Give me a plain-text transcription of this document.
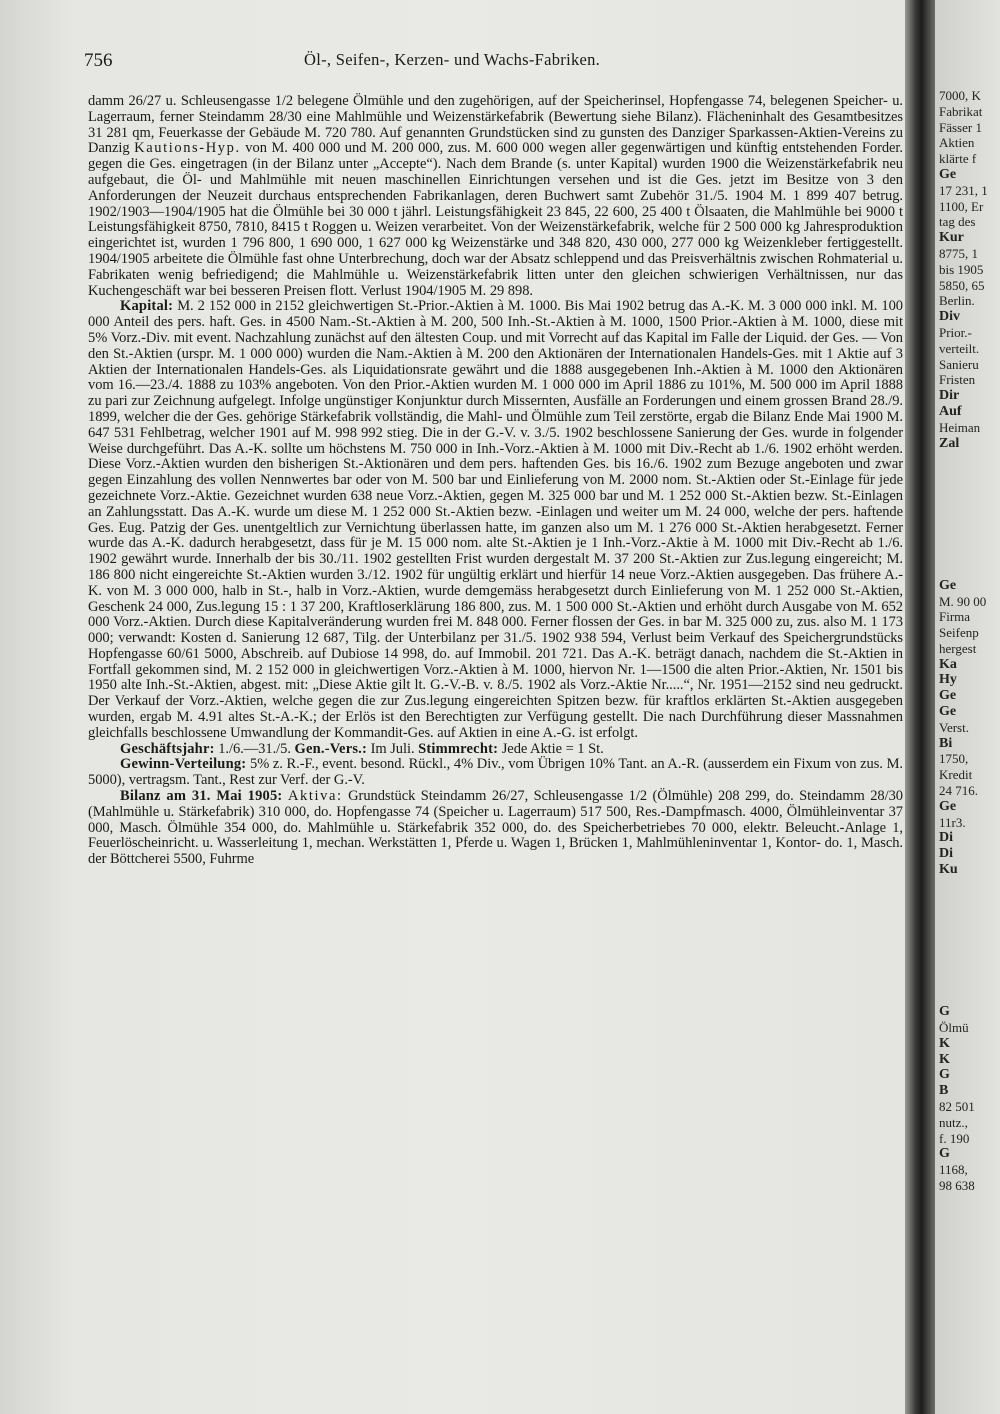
756	Öl-, Seifen-, Kerzen- und Wachs-Fabriken.

damm 26/27 u. Schleusengasse 1/2 belegene Ölmühle und den zugehörigen, auf der Speicherinsel, Hopfengasse 74, belegenen Speicher- u. Lagerraum, ferner Steindamm 28/30 eine Mahlmühle und Weizenstärkefabrik (Bewertung siehe Bilanz). Flächeninhalt des Gesamtbesitzes 31 281 qm, Feuerkasse der Gebäude M. 720 780. Auf genannten Grundstücken sind zu gunsten des Danziger Sparkassen-Aktien-Vereins zu Danzig Kautions-Hyp. von M. 400 000 und M. 200 000, zus. M. 600 000 wegen aller gegenwärtigen und künftig entstehenden Forder. gegen die Ges. eingetragen (in der Bilanz unter „Accepte“). Nach dem Brande (s. unter Kapital) wurden 1900 die Weizenstärkefabrik neu aufgebaut, die Öl- und Mahlmühle mit neuen maschinellen Einrichtungen versehen und ist die Ges. jetzt im Besitze von 3 den Anforderungen der Neuzeit durchaus entsprechenden Fabrikanlagen, deren Buchwert samt Zubehör 31./5. 1904 M. 1 899 407 betrug. 1902/1903—1904/1905 hat die Ölmühle bei 30 000 t jährl. Leistungsfähigkeit 23 845, 22 600, 25 400 t Ölsaaten, die Mahlmühle bei 9000 t Leistungsfähigkeit 8750, 7810, 8415 t Roggen u. Weizen verarbeitet. Von der Weizenstärkefabrik, welche für 2 500 000 kg Jahresproduktion eingerichtet ist, wurden 1 796 800, 1 690 000, 1 627 000 kg Weizenstärke und 348 820, 430 000, 277 000 kg Weizenkleber fertiggestellt. 1904/1905 arbeitete die Ölmühle fast ohne Unterbrechung, doch war der Absatz schleppend und das Preisverhältnis zwischen Rohmaterial u. Fabrikaten wenig befriedigend; die Mahlmühle u. Weizenstärkefabrik litten unter den gleichen schwierigen Verhältnissen, nur das Kuchengeschäft war bei besseren Preisen flott. Verlust 1904/1905 M. 29 898.

Kapital: M. 2 152 000 in 2152 gleichwertigen St.-Prior.-Aktien à M. 1000. Bis Mai 1902 betrug das A.-K. M. 3 000 000 inkl. M. 100 000 Anteil des pers. haft. Ges. in 4500 Nam.-St.-Aktien à M. 200, 500 Inh.-St.-Aktien à M. 1000, 1500 Prior.-Aktien à M. 1000, diese mit 5% Vorz.-Div. mit event. Nachzahlung zunächst auf den ältesten Coup. und mit Vorrecht auf das Kapital im Falle der Liquid. der Ges. — Von den St.-Aktien (urspr. M. 1 000 000) wurden die Nam.-Aktien à M. 200 den Aktionären der Internationalen Handels-Ges. mit 1 Aktie auf 3 Aktien der Internationalen Handels-Ges. als Liquidationsrate gewährt und die 1888 ausgegebenen Inh.-Aktien à M. 1000 den Aktionären vom 16.—23./4. 1888 zu 103% angeboten. Von den Prior.-Aktien wurden M. 1 000 000 im April 1886 zu 101%, M. 500 000 im April 1888 zu pari zur Zeichnung aufgelegt. Infolge ungünstiger Konjunktur durch Missernten, Ausfälle an Forderungen und einem grossen Brand 28./9. 1899, welcher die der Ges. gehörige Stärkefabrik vollständig, die Mahl- und Ölmühle zum Teil zerstörte, ergab die Bilanz Ende Mai 1900 M. 647 531 Fehlbetrag, welcher 1901 auf M. 998 992 stieg. Die in der G.-V. v. 3./5. 1902 beschlossene Sanierung der Ges. wurde in folgender Weise durchgeführt. Das A.-K. sollte um höchstens M. 750 000 in Inh.-Vorz.-Aktien à M. 1000 mit Div.-Recht ab 1./6. 1902 erhöht werden. Diese Vorz.-Aktien wurden den bisherigen St.-Aktionären und dem pers. haftenden Ges. bis 16./6. 1902 zum Bezuge angeboten und zwar gegen Einzahlung des vollen Nennwertes bar oder von M. 500 bar und Einlieferung von M. 2000 nom. St.-Aktien oder St.-Einlage für jede gezeichnete Vorz.-Aktie. Gezeichnet wurden 638 neue Vorz.-Aktien, gegen M. 325 000 bar und M. 1 252 000 St.-Aktien bezw. St.-Einlagen an Zahlungsstatt. Das A.-K. wurde um diese M. 1 252 000 St.-Aktien bezw. -Einlagen und weiter um M. 24 000, welche der pers. haftende Ges. Eug. Patzig der Ges. unentgeltlich zur Vernichtung überlassen hatte, im ganzen also um M. 1 276 000 St.-Aktien herabgesetzt. Ferner wurde das A.-K. dadurch herabgesetzt, dass für je M. 15 000 nom. alte St.-Aktien je 1 Inh.-Vorz.-Aktie à M. 1000 mit Div.-Recht ab 1./6. 1902 gewährt wurde. Innerhalb der bis 30./11. 1902 gestellten Frist wurden dergestalt M. 37 200 St.-Aktien zur Zus.legung eingereicht; M. 186 800 nicht eingereichte St.-Aktien wurden 3./12. 1902 für ungültig erklärt und hierfür 14 neue Vorz.-Aktien ausgegeben. Das frühere A.-K. von M. 3 000 000, halb in St.-, halb in Vorz.-Aktien, wurde demgemäss herabgesetzt durch Einlieferung von M. 1 252 000 St.-Aktien, Geschenk 24 000, Zus.legung 15 : 1 37 200, Kraftloserklärung 186 800, zus. M. 1 500 000 St.-Aktien und erhöht durch Ausgabe von M. 652 000 Vorz.-Aktien. Durch diese Kapitalveränderung wurden frei M. 848 000. Ferner flossen der Ges. in bar M. 325 000 zu, zus. also M. 1 173 000; verwandt: Kosten d. Sanierung 12 687, Tilg. der Unterbilanz per 31./5. 1902 938 594, Verlust beim Verkauf des Speichergrundstücks Hopfengasse 60/61 5000, Abschreib. auf Dubiose 14 998, do. auf Immobil. 201 721. Das A.-K. beträgt danach, nachdem die St.-Aktien in Fortfall gekommen sind, M. 2 152 000 in gleichwertigen Vorz.-Aktien à M. 1000, hiervon Nr. 1—1500 die alten Prior.-Aktien, Nr. 1501 bis 1950 alte Inh.-St.-Aktien, abgest. mit: „Diese Aktie gilt lt. G.-V.-B. v. 8./5. 1902 als Vorz.-Aktie Nr.....“, Nr. 1951—2152 sind neu gedruckt. Der Verkauf der Vorz.-Aktien, welche gegen die zur Zus.legung eingereichten Spitzen bezw. für kraftlos erklärten St.-Aktien ausgegeben wurden, ergab M. 4.91 altes St.-A.-K.; der Erlös ist den Berechtigten zur Verfügung gestellt. Die nach Durchführung dieser Massnahmen gleichfalls beschlossene Umwandlung der Kommandit-Ges. auf Aktien in eine A.-G. ist erfolgt.

Geschäftsjahr: 1./6.—31./5. Gen.-Vers.: Im Juli. Stimmrecht: Jede Aktie = 1 St.

Gewinn-Verteilung: 5% z. R.-F., event. besond. Rückl., 4% Div., vom Übrigen 10% Tant. an A.-R. (ausserdem ein Fixum von zus. M. 5000), vertragsm. Tant., Rest zur Verf. der G.-V.

Bilanz am 31. Mai 1905: Aktiva: Grundstück Steindamm 26/27, Schleusengasse 1/2 (Ölmühle) 208 299, do. Steindamm 28/30 (Mahlmühle u. Stärkefabrik) 310 000, do. Hopfengasse 74 (Speicher u. Lagerraum) 517 500, Res.-Dampfmasch. 4000, Ölmühleinventar 37 000, Masch. Ölmühle 354 000, do. Mahlmühle u. Stärkefabrik 352 000, do. des Speicherbetriebes 70 000, elektr. Beleucht.-Anlage 1, Feuerlöscheinricht. u. Wasserleitung 1, mechan. Werkstätten 1, Pferde u. Wagen 1, Brücken 1, Mahlmühleninventar 1, Kontor- do. 1, Masch. der Böttcherei 5500, Fuhrme

7000, K
Fabrikat
Fässer 1
Aktien
klärte f
Ge
17 231, 1
1100, Er
tag des
Kur
8775, 1
bis 1905
5850, 65
Berlin.
Div
Prior.-
verteilt.
Sanieru
Fristen
Dir
Auf
Heiman
Zal
Ge
M. 90 00
Firma
Seifenp
hergest
Ka
Hy
Ge
Ge
Verst.
Bi
1750,
Kredit
24 716.
Ge
11r3.
Di
Di
Ku
G
Ölmü
K
K
G
B
82 501
nutz.,
f. 190
G
1168,
98 638
